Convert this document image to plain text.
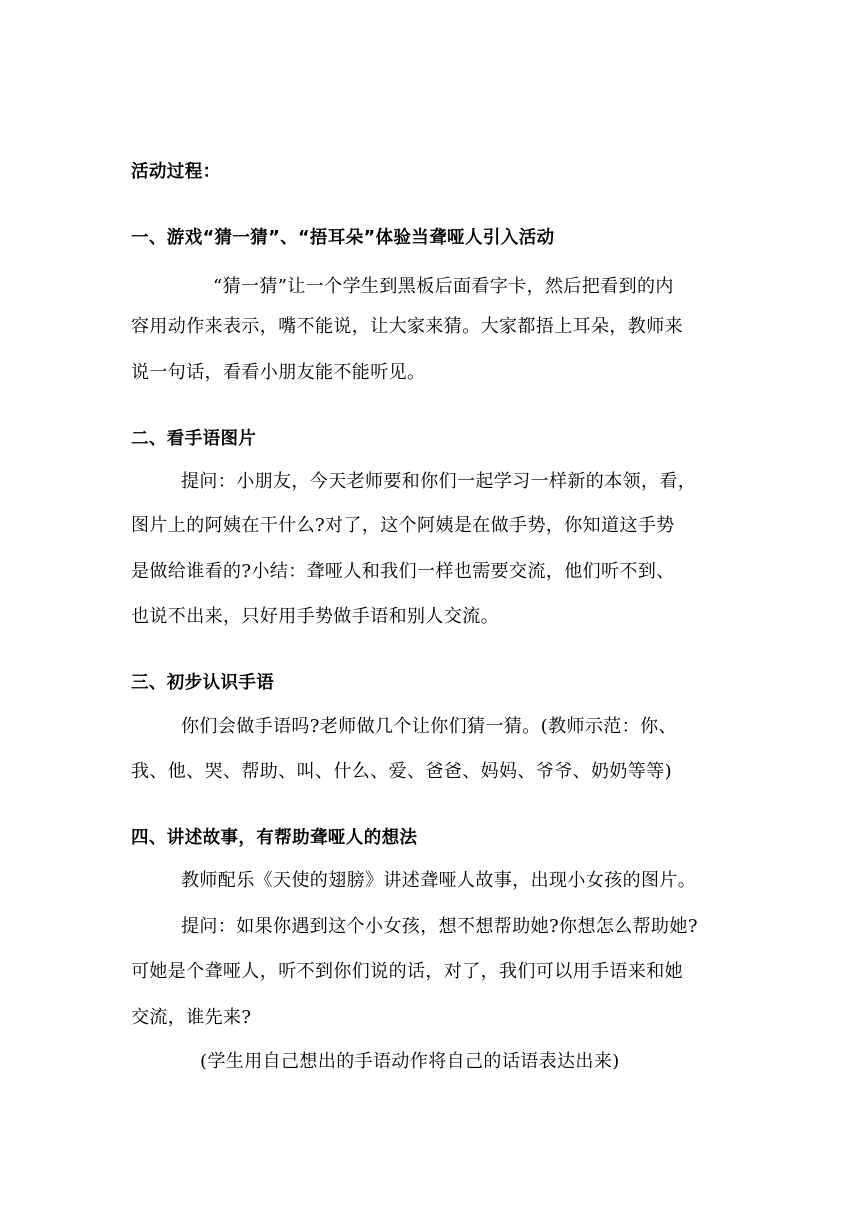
活动过程：
一、游戏“猜一猜”、“捂耳朵”体验当聋哑人引入活动
“猜一猜”让一个学生到黑板后面看字卡，然后把看到的内
容用动作来表示，嘴不能说，让大家来猜。大家都捂上耳朵，教师来
说一句话，看看小朋友能不能听见。
二、看手语图片
提问：小朋友，今天老师要和你们一起学习一样新的本领，看，
图片上的阿姨在干什么?对了，这个阿姨是在做手势，你知道这手势
是做给谁看的?小结：聋哑人和我们一样也需要交流，他们听不到、
也说不出来，只好用手势做手语和别人交流。
三、初步认识手语
你们会做手语吗?老师做几个让你们猜一猜。(教师示范：你、
我、他、哭、帮助、叫、什么、爱、爸爸、妈妈、爷爷、奶奶等等)
四、讲述故事，有帮助聋哑人的想法
教师配乐《天使的翅膀》讲述聋哑人故事，出现小女孩的图片。
提问：如果你遇到这个小女孩，想不想帮助她?你想怎么帮助她?
可她是个聋哑人，听不到你们说的话，对了，我们可以用手语来和她
交流，谁先来?
(学生用自己想出的手语动作将自己的话语表达出来)
